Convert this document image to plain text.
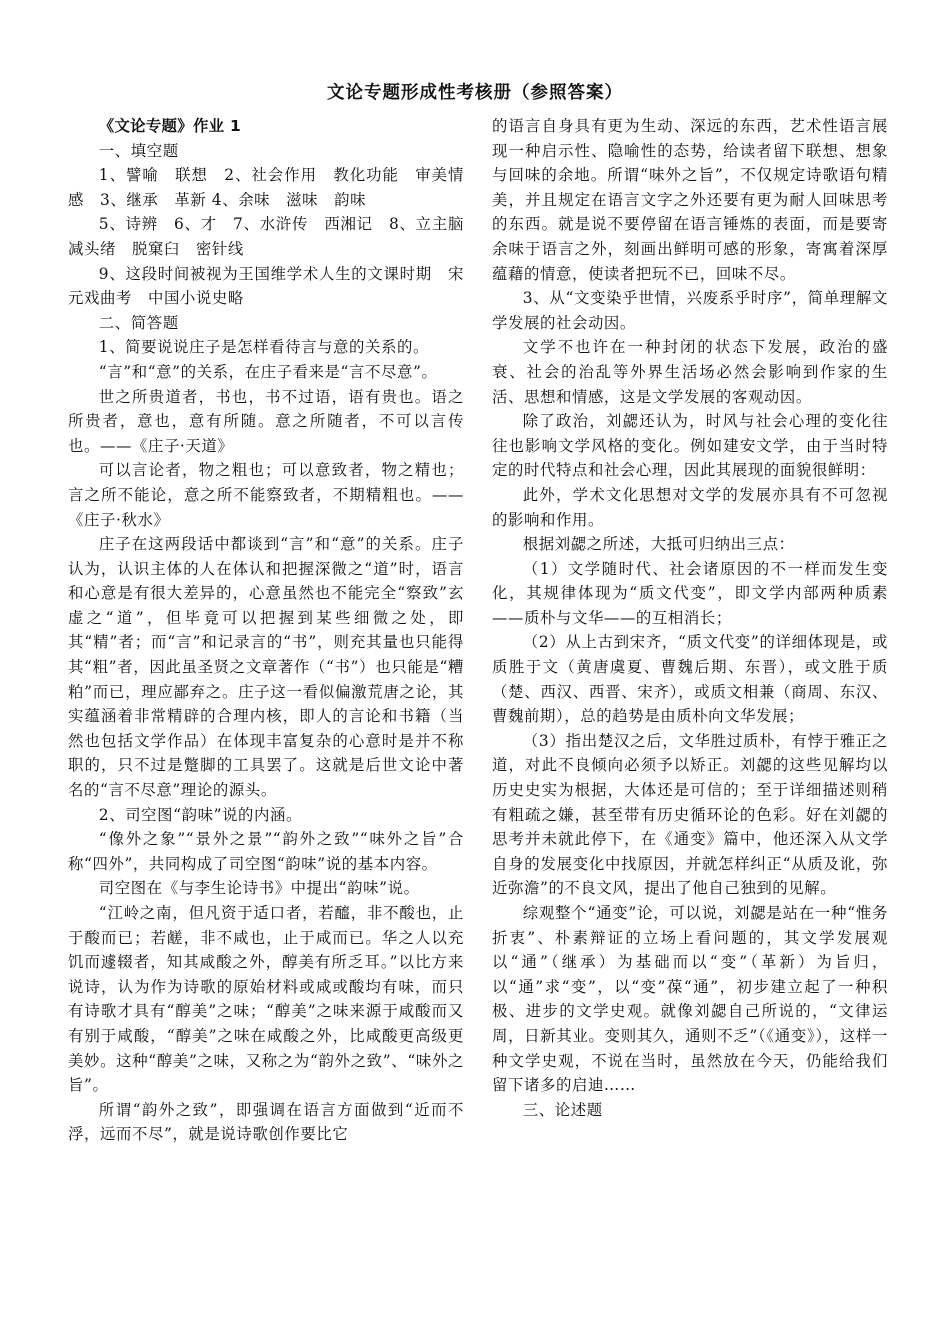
文论专题形成性考核册（参照答案）

《文论专题》作业 1

一、填空题

1、譬喻　联想　2、社会作用　教化功能　审美情感　3、继承　革新 4、余味　滋味　韵味

5、诗辨　6、才　7、水浒传　西湘记　8、立主脑　减头绪　脱窠臼　密针线

9、这段时间被视为王国维学术人生的文课时期　宋元戏曲考　中国小说史略

二、简答题

1、简要说说庄子是怎样看待言与意的关系的。

“言”和“意”的关系，在庄子看来是“言不尽意”。

世之所贵道者，书也，书不过语，语有贵也。语之所贵者，意也，意有所随。意之所随者，不可以言传也。——《庄子·天道》

可以言论者，物之粗也；可以意致者，物之精也；言之所不能论，意之所不能察致者，不期精粗也。——《庄子·秋水》

庄子在这两段话中都谈到“言”和“意”的关系。庄子认为，认识主体的人在体认和把握深微之“道”时，语言和心意是有很大差异的，心意虽然也不能完全“察致”玄虚之“道”，但毕竟可以把握到某些细微之处，即其“精”者；而“言”和记录言的“书”，则充其量也只能得其“粗”者，因此虽圣贤之文章著作（“书”）也只能是“糟粕”而已，理应鄙弃之。庄子这一看似偏激荒唐之论，其实蕴涵着非常精辟的合理内核，即人的言论和书籍（当然也包括文学作品）在体现丰富复杂的心意时是并不称职的，只不过是蹩脚的工具罢了。这就是后世文论中著名的“言不尽意”理论的源头。

2、司空图“韵味”说的内涵。

“像外之象”“景外之景”“韵外之致”“味外之旨”合称“四外”，共同构成了司空图“韵味”说的基本内容。

司空图在《与李生论诗书》中提出“韵味”说。

“江岭之南，但凡资于适口者，若醯，非不酸也，止于酸而已；若鹾，非不咸也，止于咸而已。华之人以充饥而遽辍者，知其咸酸之外，醇美有所乏耳。”以比方来说诗，认为作为诗歌的原始材料或咸或酸均有味，而只有诗歌才具有“醇美”之味；“醇美”之味来源于咸酸而又有别于咸酸，“醇美”之味在咸酸之外，比咸酸更高级更美妙。这种“醇美”之味，又称之为“韵外之致”、“味外之旨”。

所谓“韵外之致”，即强调在语言方面做到“近而不浮，远而不尽”，就是说诗歌创作要比它

的语言自身具有更为生动、深远的东西，艺术性语言展现一种启示性、隐喻性的态势，给读者留下联想、想象与回味的余地。所谓“味外之旨”，不仅规定诗歌语句精美，并且规定在语言文字之外还要有更为耐人回味思考的东西。就是说不要停留在语言锤炼的表面，而是要寄余味于语言之外，刻画出鲜明可感的形象，寄寓着深厚蕴藉的情意，使读者把玩不已，回味不尽。

3、从“文变染乎世情，兴废系乎时序”，简单理解文学发展的社会动因。

文学不也许在一种封闭的状态下发展，政治的盛衰、社会的治乱等外界生活场必然会影响到作家的生活、思想和情感，这是文学发展的客观动因。

除了政治，刘勰还认为，时风与社会心理的变化往往也影响文学风格的变化。例如建安文学，由于当时特定的时代特点和社会心理，因此其展现的面貌很鲜明：

此外，学术文化思想对文学的发展亦具有不可忽视的影响和作用。

根据刘勰之所述，大抵可归纳出三点：

（1）文学随时代、社会诸原因的不一样而发生变化，其规律体现为“质文代变”，即文学内部两种质素——质朴与文华——的互相消长；

（2）从上古到宋齐，“质文代变”的详细体现是，或质胜于文（黄唐虞夏、曹魏后期、东晋），或文胜于质（楚、西汉、西晋、宋齐），或质文相兼（商周、东汉、曹魏前期），总的趋势是由质朴向文华发展；

（3）指出楚汉之后，文华胜过质朴，有悖于雅正之道，对此不良倾向必须予以矫正。刘勰的这些见解均以历史史实为根据，大体还是可信的；至于详细描述则稍有粗疏之嫌，甚至带有历史循环论的色彩。好在刘勰的思考并未就此停下，在《通变》篇中，他还深入从文学自身的发展变化中找原因，并就怎样纠正“从质及讹，弥近弥澹”的不良文风，提出了他自己独到的见解。

综观整个“通变”论，可以说，刘勰是站在一种“惟务折衷”、朴素辩证的立场上看问题的，其文学发展观以“通”（继承）为基础而以“变”（革新）为旨归，以“通”求“变”，以“变”葆“通”，初步建立起了一种积极、进步的文学史观。就像刘勰自己所说的，“文律运周，日新其业。变则其久，通则不乏”（《通变》），这样一种文学史观，不说在当时，虽然放在今天，仍能给我们留下诸多的启迪……

三、论述题
